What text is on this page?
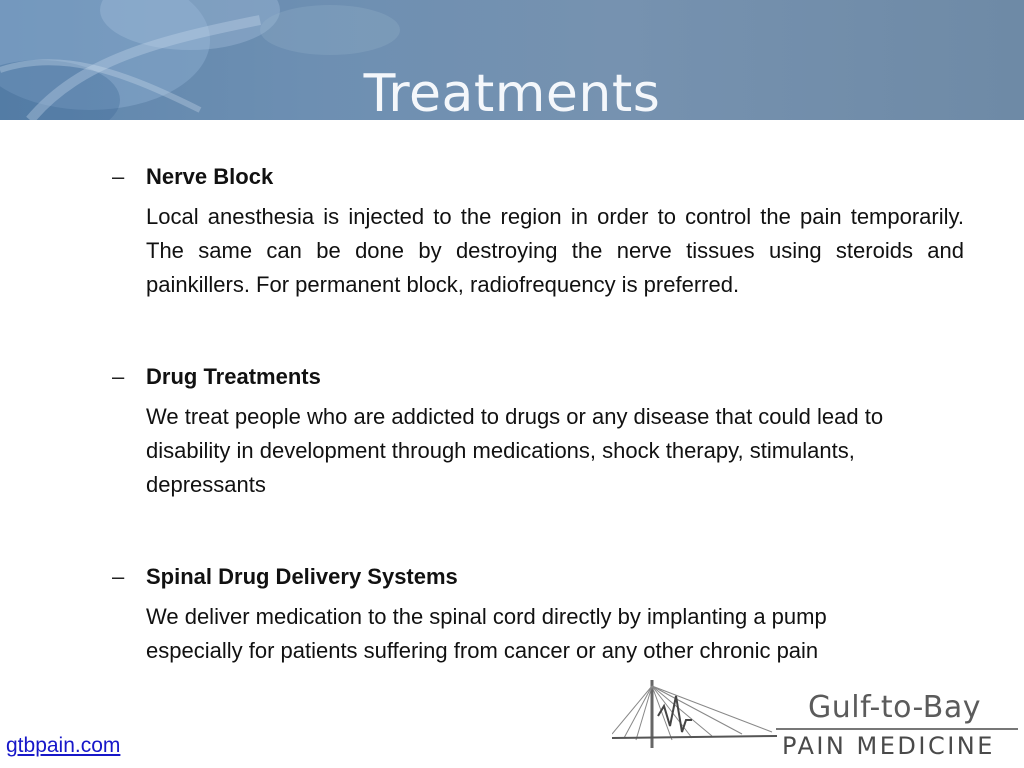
Treatments
– Nerve Block
Local anesthesia is injected to the region in order to control the pain temporarily. The same can be done by destroying the nerve tissues using steroids and painkillers. For permanent block, radiofrequency is preferred.
– Drug Treatments
We treat people who are addicted to drugs or any disease that could lead to disability in development through medications, shock therapy, stimulants, depressants
– Spinal Drug Delivery Systems
We deliver medication to the spinal cord directly by implanting a pump especially for patients suffering from cancer or any other chronic pain
gtbpain.com
Gulf-to-Bay
PAIN MEDICINE
